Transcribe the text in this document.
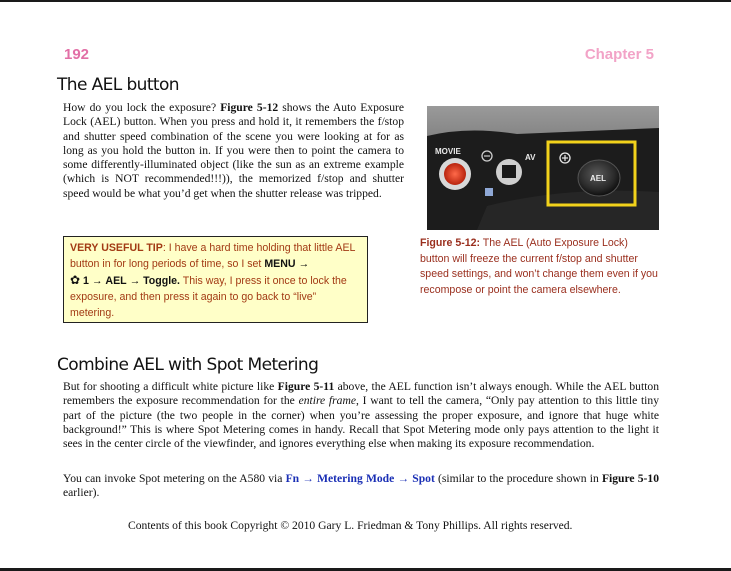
192	Chapter 5
The AEL button
How do you lock the exposure? Figure 5-12 shows the Auto Exposure Lock (AEL) button. When you press and hold it, it remembers the f/stop and shutter speed combination of the scene you were looking at for as long as you hold the button in. If you were then to point the camera to some differently-illuminated object (like the sun as an extreme example (which is NOT recommended!!!)), the memorized f/stop and shutter speed would be what you’d get when the shutter release was tripped.
VERY USEFUL TIP: I have a hard time holding that little AEL button in for long periods of time, so I set MENU →
✿ 1 → AEL → Toggle. This way, I press it once to lock the exposure, and then press it again to go back to “live” metering.
MOVIE
AV
AEL
Figure 5-12: The AEL (Auto Exposure Lock) button will freeze the current f/stop and shutter speed settings, and won’t change them even if you recompose or point the camera elsewhere.
Combine AEL with Spot Metering
But for shooting a difficult white picture like Figure 5-11 above, the AEL function isn’t always enough. While the AEL button remembers the exposure recommendation for the entire frame, I want to tell the camera, “Only pay attention to this little tiny part of the picture (the two people in the corner) when you’re assessing the proper exposure, and ignore that huge white background!” This is where Spot Metering comes in handy. Recall that Spot Metering mode only pays attention to the light it sees in the center circle of the viewfinder, and ignores everything else when making its exposure recommendation.
You can invoke Spot metering on the A580 via Fn → Metering Mode → Spot (similar to the procedure shown in Figure 5-10 earlier).
Contents of this book Copyright © 2010 Gary L. Friedman & Tony Phillips. All rights reserved.
